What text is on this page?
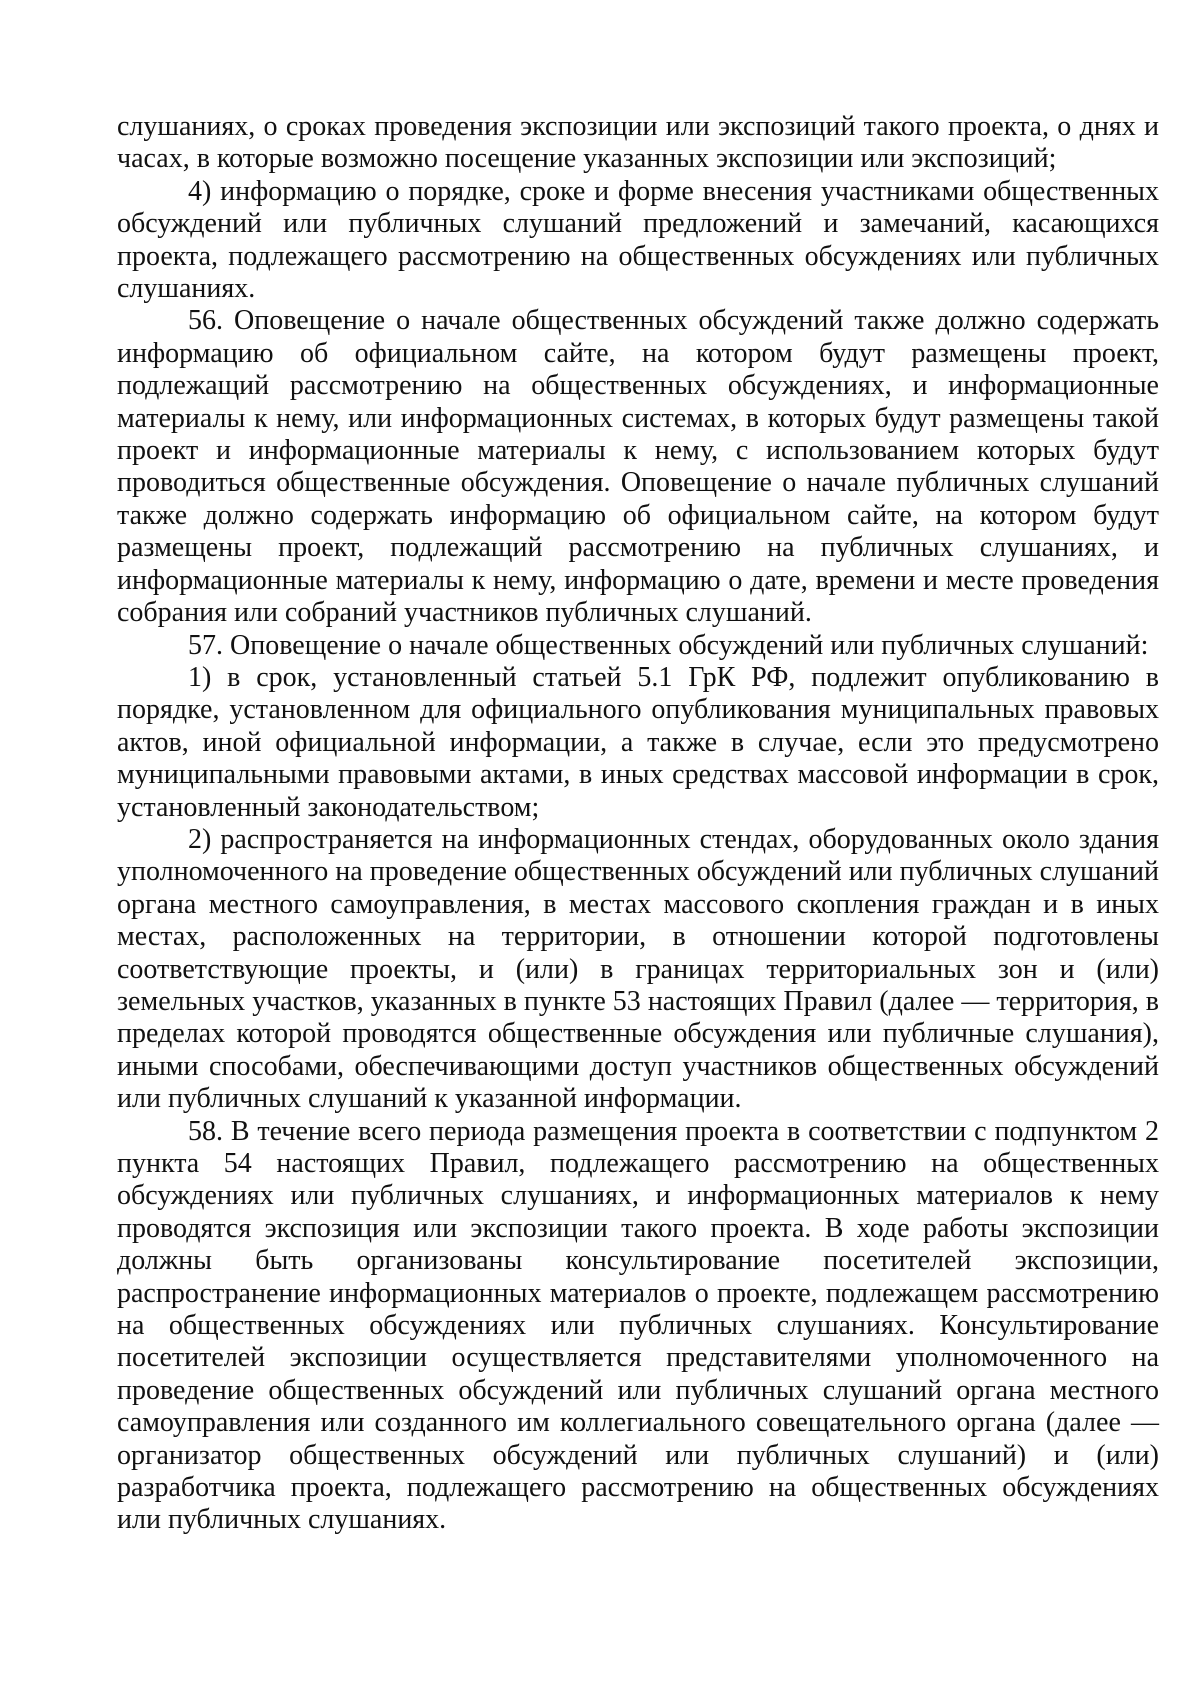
слушаниях, о сроках проведения экспозиции или экспозиций такого проекта, о днях и часах, в которые возможно посещение указанных экспозиции или экспозиций;

4) информацию о порядке, сроке и форме внесения участниками общественных обсуждений или публичных слушаний предложений и замечаний, касающихся проекта, подлежащего рассмотрению на общественных обсуждениях или публичных слушаниях.

56. Оповещение о начале общественных обсуждений также должно содержать информацию об официальном сайте, на котором будут размещены проект, подлежащий рассмотрению на общественных обсуждениях, и информационные материалы к нему, или информационных системах, в которых будут размещены такой проект и информационные материалы к нему, с использованием которых будут проводиться общественные обсуждения. Оповещение о начале публичных слушаний также должно содержать информацию об официальном сайте, на котором будут размещены проект, подлежащий рассмотрению на публичных слушаниях, и информационные материалы к нему, информацию о дате, времени и месте проведения собрания или собраний участников публичных слушаний.

57. Оповещение о начале общественных обсуждений или публичных слушаний:

1) в срок, установленный статьей 5.1 ГрК РФ, подлежит опубликованию в порядке, установленном для официального опубликования муниципальных правовых актов, иной официальной информации, а также в случае, если это предусмотрено муниципальными правовыми актами, в иных средствах массовой информации в срок, установленный законодательством;

2) распространяется на информационных стендах, оборудованных около здания уполномоченного на проведение общественных обсуждений или публичных слушаний органа местного самоуправления, в местах массового скопления граждан и в иных местах, расположенных на территории, в отношении которой подготовлены соответствующие проекты, и (или) в границах территориальных зон и (или) земельных участков, указанных в пункте 53 настоящих Правил (далее — территория, в пределах которой проводятся общественные обсуждения или публичные слушания), иными способами, обеспечивающими доступ участников общественных обсуждений или публичных слушаний к указанной информации.

58. В течение всего периода размещения проекта в соответствии с подпунктом 2 пункта 54 настоящих Правил, подлежащего рассмотрению на общественных обсуждениях или публичных слушаниях, и информационных материалов к нему проводятся экспозиция или экспозиции такого проекта. В ходе работы экспозиции должны быть организованы консультирование посетителей экспозиции, распространение информационных материалов о проекте, подлежащем рассмотрению на общественных обсуждениях или публичных слушаниях. Консультирование посетителей экспозиции осуществляется представителями уполномоченного на проведение общественных обсуждений или публичных слушаний органа местного самоуправления или созданного им коллегиального совещательного органа (далее — организатор общественных обсуждений или публичных слушаний) и (или) разработчика проекта, подлежащего рассмотрению на общественных обсуждениях или публичных слушаниях.
